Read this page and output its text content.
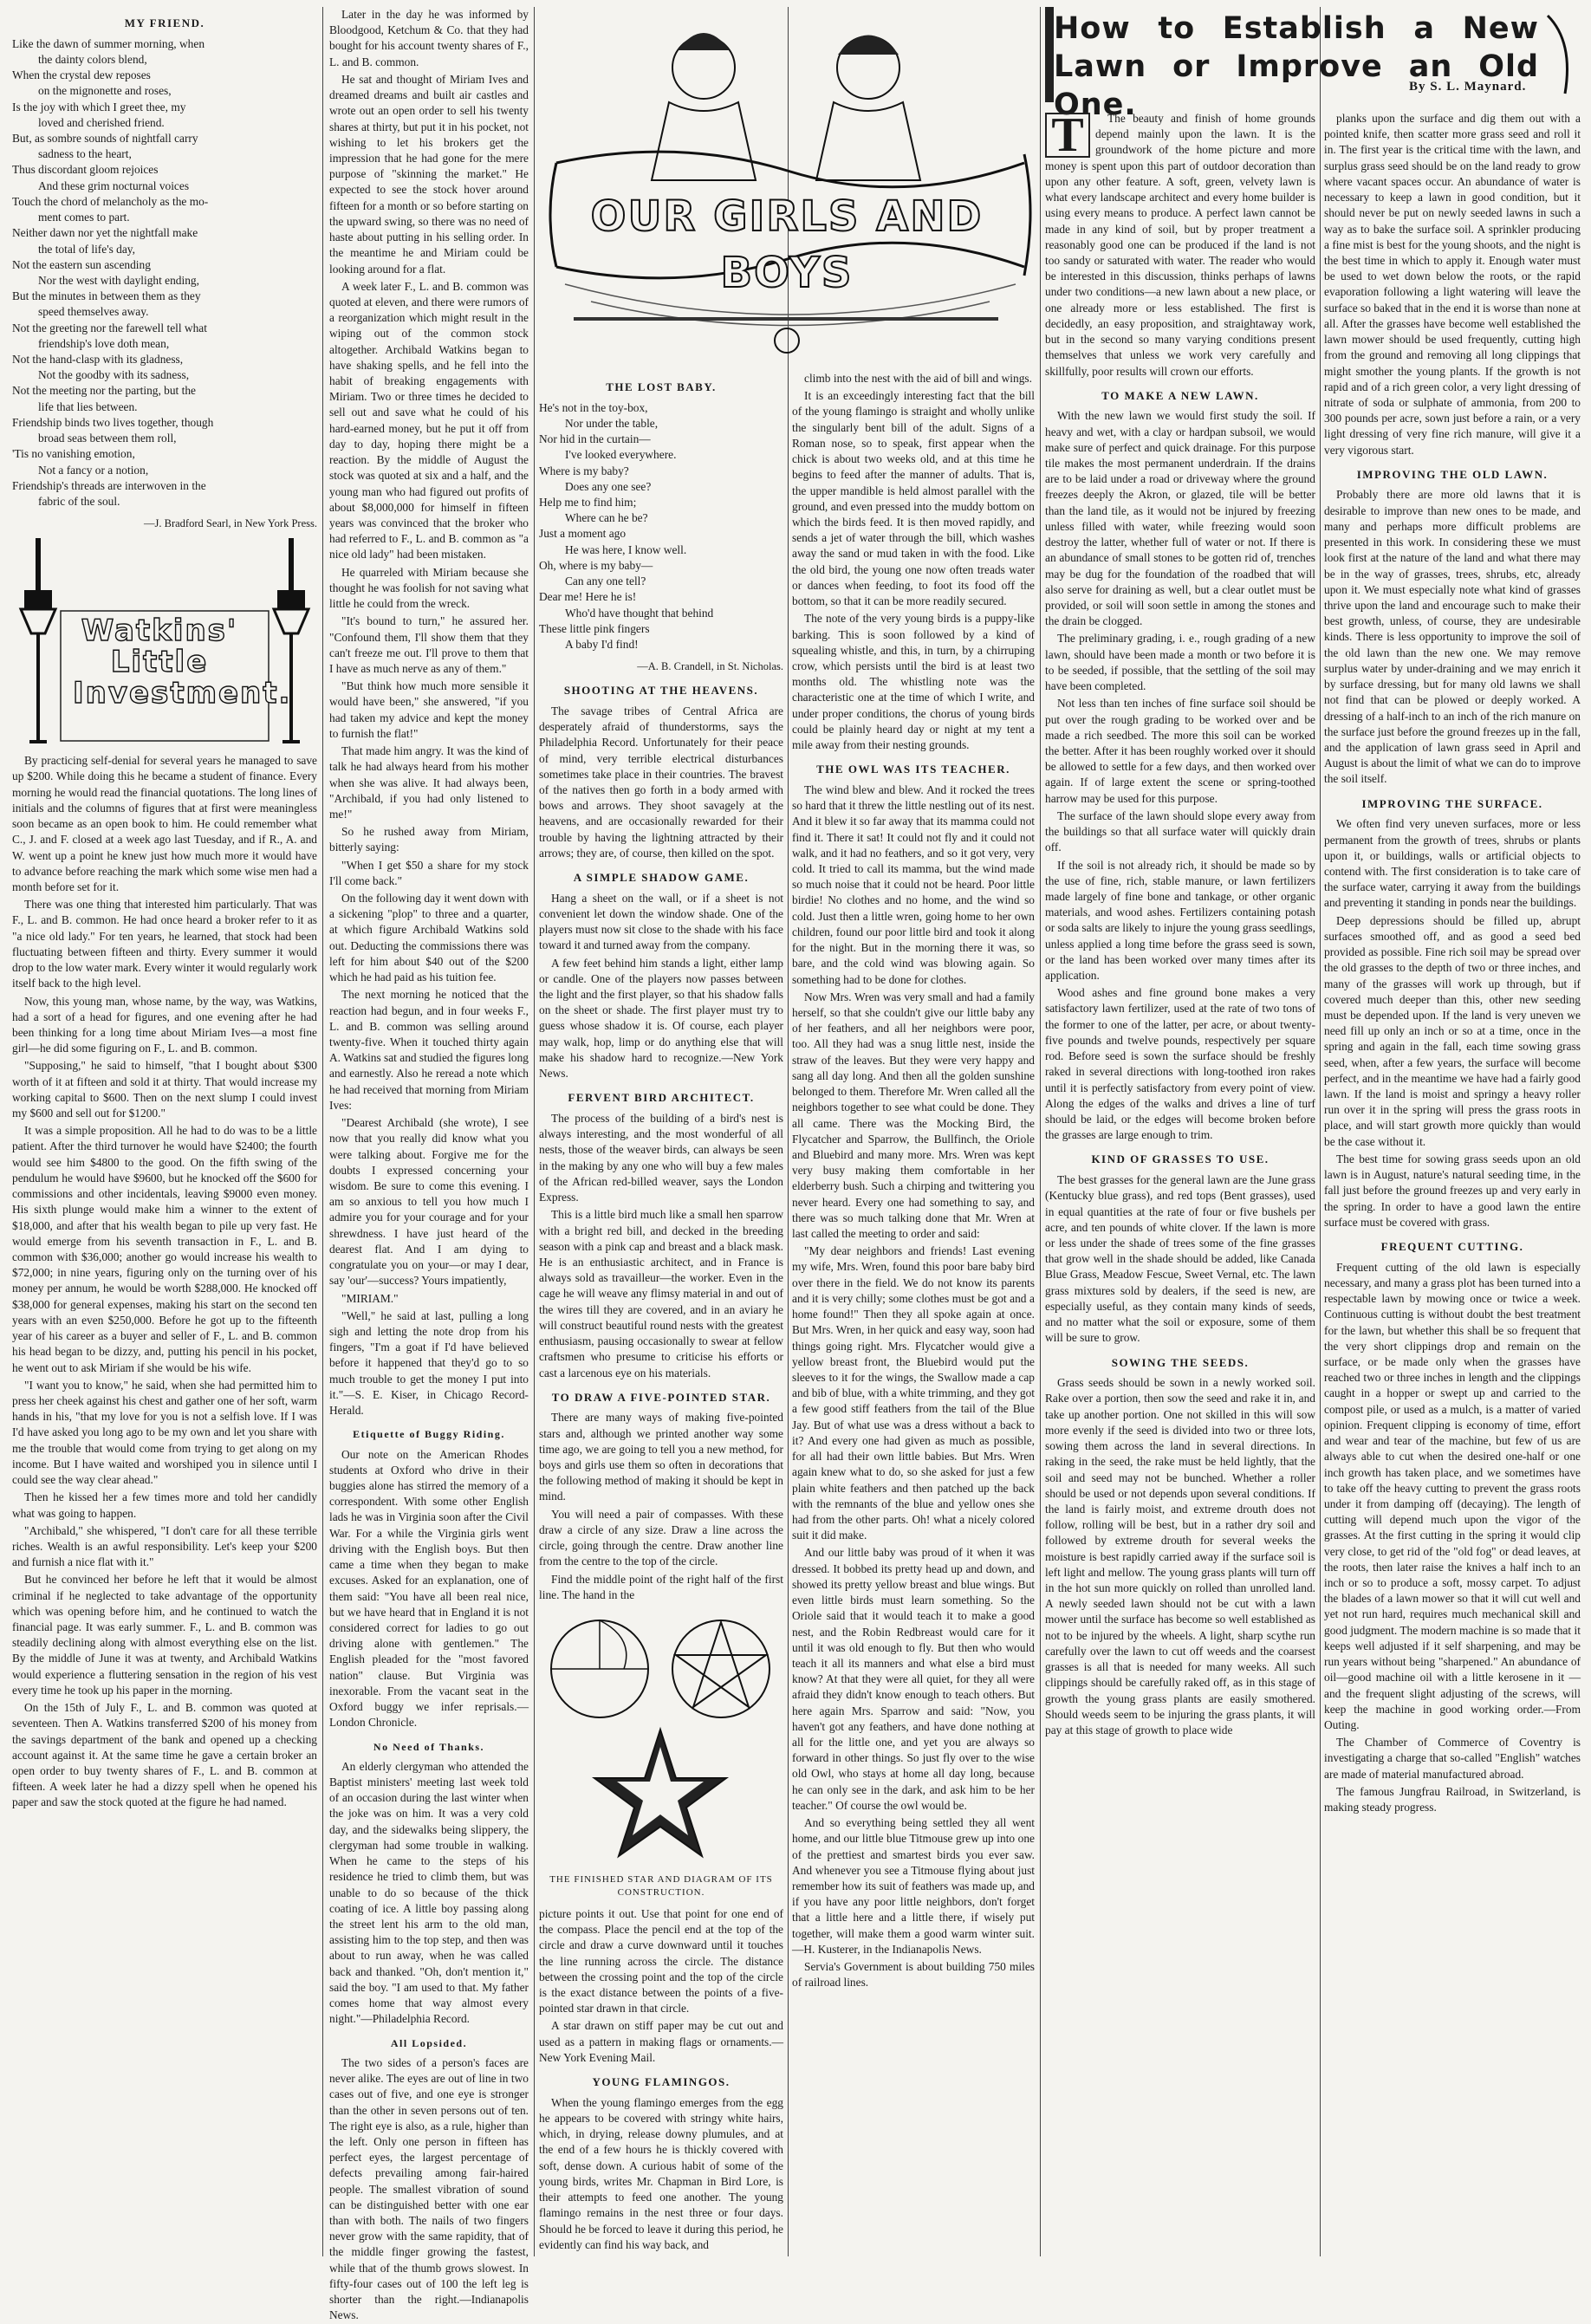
MY FRIEND.
Like the dawn of summer morning, when
the dainty colors blend,
When the crystal dew reposes
on the mignonette and roses,
Is the joy with which I greet thee, my
loved and cherished friend.
But, as sombre sounds of nightfall carry
sadness to the heart,
Thus discordant gloom rejoices
And these grim nocturnal voices
Touch the chord of melancholy as the mo-
ment comes to part.
Neither dawn nor yet the nightfall make
the total of life's day,
Not the eastern sun ascending
Nor the west with daylight ending,
But the minutes in between them as they
speed themselves away.
Not the greeting nor the farewell tell what
friendship's love doth mean,
Not the hand-clasp with its gladness,
Not the goodby with its sadness,
Not the meeting nor the parting, but the
life that lies between.
Friendship binds two lives together, though
broad seas between them roll,
'Tis no vanishing emotion,
Not a fancy or a notion,
Friendship's threads are interwoven in the
fabric of the soul.
—J. Bradford Searl, in New York Press.
Watkins'
Little
Investment.

By practicing self-denial for several years he managed to save up $200. While doing this he became a student of finance. Every morning he would read the financial quotations. The long lines of initials and the columns of figures that at first were meaningless soon became as an open book to him. He could remember what C., J. and F. closed at a week ago last Tuesday, and if R., A. and W. went up a point he knew just how much more it would have to advance before reaching the mark which some wise men had a month before set for it.

There was one thing that interested him particularly. That was F., L. and B. common. He had once heard a broker refer to it as "a nice old lady." For ten years, he learned, that stock had been fluctuating between fifteen and thirty. Every summer it would drop to the low water mark. Every winter it would regularly work itself back to the high level.

Now, this young man, whose name, by the way, was Watkins, had a sort of a head for figures, and one evening after he had been thinking for a long time about Miriam Ives—a most fine girl—he did some figuring on F., L. and B. common.

"Supposing," he said to himself, "that I bought about $300 worth of it at fifteen and sold it at thirty. That would increase my working capital to $600. Then on the next slump I could invest my $600 and sell out for $1200."

It was a simple proposition. All he had to do was to be a little patient. After the third turnover he would have $2400; the fourth would see him $4800 to the good. On the fifth swing of the pendulum he would have $9600, but he knocked off the $600 for commissions and other incidentals, leaving $9000 even money. His sixth plunge would make him a winner to the extent of $18,000, and after that his wealth began to pile up very fast. He would emerge from his seventh transaction in F., L. and B. common with $36,000; another go would increase his wealth to $72,000; in nine years, figuring only on the turning over of his money per annum, he would be worth $288,000. He knocked off $38,000 for general expenses, making his start on the second ten years with an even $250,000. Before he got up to the fifteenth year of his career as a buyer and seller of F., L. and B. common his head began to be dizzy, and, putting his pencil in his pocket, he went out to ask Miriam if she would be his wife.

"I want you to know," he said, when she had permitted him to press her cheek against his chest and gather one of her soft, warm hands in his, "that my love for you is not a selfish love. If I was I'd have asked you long ago to be my own and let you share with me the trouble that would come from trying to get along on my income. But I have waited and worshiped you in silence until I could see the way clear ahead."

Then he kissed her a few times more and told her candidly what was going to happen.

"Archibald," she whispered, "I don't care for all these terrible riches. Wealth is an awful responsibility. Let's keep your $200 and furnish a nice flat with it."

But he convinced her before he left that it would be almost criminal if he neglected to take advantage of the opportunity which was opening before him, and he continued to watch the financial page. It was early summer. F., L. and B. common was steadily declining along with almost everything else on the list. By the middle of June it was at twenty, and Archibald Watkins would experience a fluttering sensation in the region of his vest every time he took up his paper in the morning.

On the 15th of July F., L. and B. common was quoted at seventeen. Then A. Watkins transferred $200 of his money from the savings department of the bank and opened up a checking account against it. At the same time he gave a certain broker an open order to buy twenty shares of F., L. and B. common at fifteen. A week later he had a dizzy spell when he opened his paper and saw the stock quoted at the figure he had named.

Later in the day he was informed by Bloodgood, Ketchum & Co. that they had bought for his account twenty shares of F., L. and B. common.

He sat and thought of Miriam Ives and dreamed dreams and built air castles and wrote out an open order to sell his twenty shares at thirty, but put it in his pocket, not wishing to let his brokers get the impression that he had gone for the mere purpose of "skinning the market." He expected to see the stock hover around fifteen for a month or so before starting on the upward swing, so there was no need of haste about putting in his selling order. In the meantime he and Miriam could be looking around for a flat.

A week later F., L. and B. common was quoted at eleven, and there were rumors of a reorganization which might result in the wiping out of the common stock altogether. Archibald Watkins began to have shaking spells, and he fell into the habit of breaking engagements with Miriam. Two or three times he decided to sell out and save what he could of his hard-earned money, but he put it off from day to day, hoping there might be a reaction. By the middle of August the stock was quoted at six and a half, and the young man who had figured out profits of about $8,000,000 for himself in fifteen years was convinced that the broker who had referred to F., L. and B. common as "a nice old lady" had been mistaken.

He quarreled with Miriam because she thought he was foolish for not saving what little he could from the wreck.

"It's bound to turn," he assured her. "Confound them, I'll show them that they can't freeze me out. I'll prove to them that I have as much nerve as any of them."

"But think how much more sensible it would have been," she answered, "if you had taken my advice and kept the money to furnish the flat!"

That made him angry. It was the kind of talk he had always heard from his mother when she was alive. It had always been, "Archibald, if you had only listened to me!"

So he rushed away from Miriam, bitterly saying:

"When I get $50 a share for my stock I'll come back."

On the following day it went down with a sickening "plop" to three and a quarter, at which figure Archibald Watkins sold out. Deducting the commissions there was left for him about $40 out of the $200 which he had paid as his tuition fee.

The next morning he noticed that the reaction had begun, and in four weeks F., L. and B. common was selling around twenty-five. When it touched thirty again A. Watkins sat and studied the figures long and earnestly. Also he reread a note which he had received that morning from Miriam Ives:

"Dearest Archibald (she wrote), I see now that you really did know what you were talking about. Forgive me for the doubts I expressed concerning your wisdom. Be sure to come this evening. I am so anxious to tell you how much I admire you for your courage and for your shrewdness. I have just heard of the dearest flat. And I am dying to congratulate you on your—or may I dear, say 'our'—success? Yours impatiently,

"MIRIAM."

"Well," he said at last, pulling a long sigh and letting the note drop from his fingers, "I'm a goat if I'd have believed before it happened that they'd go to so much trouble to get the money I put into it."—S. E. Kiser, in Chicago Record-Herald.

Etiquette of Buggy Riding.

Our note on the American Rhodes students at Oxford who drive in their buggies alone has stirred the memory of a correspondent. With some other English lads he was in Virginia soon after the Civil War. For a while the Virginia girls went driving with the English boys. But then came a time when they began to make excuses. Asked for an explanation, one of them said: "You have all been real nice, but we have heard that in England it is not considered correct for ladies to go out driving alone with gentlemen." The English pleaded for the "most favored nation" clause. But Virginia was inexorable. From the vacant seat in the Oxford buggy we infer reprisals.—London Chronicle.

No Need of Thanks.

An elderly clergyman who attended the Baptist ministers' meeting last week told of an occasion during the last winter when the joke was on him. It was a very cold day, and the sidewalks being slippery, the clergyman had some trouble in walking. When he came to the steps of his residence he tried to climb them, but was unable to do so because of the thick coating of ice. A little boy passing along the street lent his arm to the old man, assisting him to the top step, and then was about to run away, when he was called back and thanked. "Oh, don't mention it," said the boy. "I am used to that. My father comes home that way almost every night."—Philadelphia Record.

All Lopsided.

The two sides of a person's faces are never alike. The eyes are out of line in two cases out of five, and one eye is stronger than the other in seven persons out of ten. The right eye is also, as a rule, higher than the left. Only one person in fifteen has perfect eyes, the largest percentage of defects prevailing among fair-haired people. The smallest vibration of sound can be distinguished better with one ear than with both. The nails of two fingers never grow with the same rapidity, that of the middle finger growing the fastest, while that of the thumb grows slowest. In fifty-four cases out of 100 the left leg is shorter than the right.—Indianapolis News.

OUR GIRLS AND BOYS
THE LOST BABY.
He's not in the toy-box,
Nor under the table,
Nor hid in the curtain—
I've looked everywhere.
Where is my baby?
Does any one see?
Help me to find him;
Where can he be?
Just a moment ago
He was here, I know well.
Oh, where is my baby—
Can any one tell?
Dear me! Here he is!
Who'd have thought that behind
These little pink fingers
A baby I'd find!
—A. B. Crandell, in St. Nicholas.
SHOOTING AT THE HEAVENS.

The savage tribes of Central Africa are desperately afraid of thunderstorms, says the Philadelphia Record. Unfortunately for their peace of mind, very terrible electrical disturbances sometimes take place in their countries. The bravest of the natives then go forth in a body armed with bows and arrows. They shoot savagely at the heavens, and are occasionally rewarded for their trouble by having the lightning attracted by their arrows; they are, of course, then killed on the spot.

A SIMPLE SHADOW GAME.

Hang a sheet on the wall, or if a sheet is not convenient let down the window shade. One of the players must now sit close to the shade with his face toward it and turned away from the company.

A few feet behind him stands a light, either lamp or candle. One of the players now passes between the light and the first player, so that his shadow falls on the sheet or shade. The first player must try to guess whose shadow it is. Of course, each player may walk, hop, limp or do anything else that will make his shadow hard to recognize.—New York News.

FERVENT BIRD ARCHITECT.

The process of the building of a bird's nest is always interesting, and the most wonderful of all nests, those of the weaver birds, can always be seen in the making by any one who will buy a few males of the African red-billed weaver, says the London Express.

This is a little bird much like a small hen sparrow with a bright red bill, and decked in the breeding season with a pink cap and breast and a black mask. He is an enthusiastic architect, and in France is always sold as travailleur—the worker. Even in the cage he will weave any flimsy material in and out of the wires till they are covered, and in an aviary he will construct beautiful round nests with the greatest enthusiasm, pausing occasionally to swear at fellow craftsmen who presume to criticise his efforts or cast a larcenous eye on his materials.

TO DRAW A FIVE-POINTED STAR.

There are many ways of making five-pointed stars and, although we printed another way some time ago, we are going to tell you a new method, for boys and girls use them so often in decorations that the following method of making it should be kept in mind.

You will need a pair of compasses. With these draw a circle of any size. Draw a line across the circle, going through the centre. Draw another line from the centre to the top of the circle.

Find the middle point of the right half of the first line. The hand in the

THE FINISHED STAR AND DIAGRAM OF ITS CONSTRUCTION.

picture points it out. Use that point for one end of the compass. Place the pencil end at the top of the circle and draw a curve downward until it touches the line running across the circle. The distance between the crossing point and the top of the circle is the exact distance between the points of a five-pointed star drawn in that circle.

A star drawn on stiff paper may be cut out and used as a pattern in making flags or ornaments.—New York Evening Mail.

YOUNG FLAMINGOS.

When the young flamingo emerges from the egg he appears to be covered with stringy white hairs, which, in drying, release downy plumules, and at the end of a few hours he is thickly covered with soft, dense down. A curious habit of some of the young birds, writes Mr. Chapman in Bird Lore, is their attempts to feed one another. The young flamingo remains in the nest three or four days. Should he be forced to leave it during this period, he evidently can find his way back, and

climb into the nest with the aid of bill and wings.

It is an exceedingly interesting fact that the bill of the young flamingo is straight and wholly unlike the singularly bent bill of the adult. Signs of a Roman nose, so to speak, first appear when the chick is about two weeks old, and at this time he begins to feed after the manner of adults. That is, the upper mandible is held almost parallel with the ground, and even pressed into the muddy bottom on which the birds feed. It is then moved rapidly, and sends a jet of water through the bill, which washes away the sand or mud taken in with the food. Like the old bird, the young one now often treads water or dances when feeding, to foot its food off the bottom, so that it can be more readily secured.

The note of the very young birds is a puppy-like barking. This is soon followed by a kind of squealing whistle, and this, in turn, by a chirruping crow, which persists until the bird is at least two months old. The whistling note was the characteristic one at the time of which I write, and under proper conditions, the chorus of young birds could be plainly heard day or night at my tent a mile away from their nesting grounds.

THE OWL WAS ITS TEACHER.

The wind blew and blew. And it rocked the trees so hard that it threw the little nestling out of its nest. And it blew it so far away that its mamma could not find it. There it sat! It could not fly and it could not walk, and it had no feathers, and so it got very, very cold. It tried to call its mamma, but the wind made so much noise that it could not be heard. Poor little birdie! No clothes and no home, and the wind so cold. Just then a little wren, going home to her own children, found our poor little bird and took it along for the night. But in the morning there it was, so bare, and the cold wind was blowing again. So something had to be done for clothes.

Now Mrs. Wren was very small and had a family herself, so that she couldn't give our little baby any of her feathers, and all her neighbors were poor, too. All they had was a snug little nest, inside the straw of the leaves. But they were very happy and sang all day long. And then all the golden sunshine belonged to them. Therefore Mr. Wren called all the neighbors together to see what could be done. They all came. There was the Mocking Bird, the Flycatcher and Sparrow, the Bullfinch, the Oriole and Bluebird and many more. Mrs. Wren was kept very busy making them comfortable in her elderberry bush. Such a chirping and twittering you never heard. Every one had something to say, and there was so much talking done that Mr. Wren at last called the meeting to order and said:

"My dear neighbors and friends! Last evening my wife, Mrs. Wren, found this poor bare baby bird over there in the field. We do not know its parents and it is very chilly; some clothes must be got and a home found!" Then they all spoke again at once. But Mrs. Wren, in her quick and easy way, soon had things going right. Mrs. Flycatcher would give a yellow breast front, the Bluebird would put the sleeves to it for the wings, the Swallow made a cap and bib of blue, with a white trimming, and they got a few good stiff feathers from the tail of the Blue Jay. But of what use was a dress without a back to it? And every one had given as much as possible, for all had their own little babies. But Mrs. Wren again knew what to do, so she asked for just a few plain white feathers and then patched up the back with the remnants of the blue and yellow ones she had from the other parts. Oh! what a nicely colored suit it did make.

And our little baby was proud of it when it was dressed. It bobbed its pretty head up and down, and showed its pretty yellow breast and blue wings. But even little birds must learn something. So the Oriole said that it would teach it to make a good nest, and the Robin Redbreast would care for it until it was old enough to fly. But then who would teach it all its manners and what else a bird must know? At that they were all quiet, for they all were afraid they didn't know enough to teach others. But here again Mrs. Sparrow and said: "Now, you haven't got any feathers, and have done nothing at all for the little one, and yet you are always so forward in other things. So just fly over to the wise old Owl, who stays at home all day long, because he can only see in the dark, and ask him to be her teacher." Of course the owl would be.

And so everything being settled they all went home, and our little blue Titmouse grew up into one of the prettiest and smartest birds you ever saw. And whenever you see a Titmouse flying about just remember how its suit of feathers was made up, and if you have any poor little neighbors, don't forget that a little here and a little there, if wisely put together, will make them a good warm winter suit.—H. Kusterer, in the Indianapolis News.

Servia's Government is about building 750 miles of railroad lines.

How to Establish a New Lawn or Improve an Old One.
By S. L. Maynard.
T	The beauty and finish of home grounds depend mainly upon the lawn. It is the groundwork of the home picture and more money is spent upon this part of outdoor decoration than upon any other feature. A soft, green, velvety lawn is what every landscape architect and every home builder is using every means to produce. A perfect lawn cannot be made in any kind of soil, but by proper treatment a reasonably good one can be produced if the land is not too sandy or saturated with water. The reader who would be interested in this discussion, thinks perhaps of lawns under two conditions—a new lawn about a new place, or one already more or less established. The first is decidedly, an easy proposition, and straightaway work, but in the second so many varying conditions present themselves that unless we work very carefully and skillfully, poor results will crown our efforts.

TO MAKE A NEW LAWN.

With the new lawn we would first study the soil. If heavy and wet, with a clay or hardpan subsoil, we would make sure of perfect and quick drainage. For this purpose tile makes the most permanent underdrain. If the drains are to be laid under a road or driveway where the ground freezes deeply the Akron, or glazed, tile will be better than the land tile, as it would not be injured by freezing unless filled with water, while freezing would soon destroy the latter, whether full of water or not. If there is an abundance of small stones to be gotten rid of, trenches may be dug for the foundation of the roadbed that will also serve for draining as well, but a clear outlet must be provided, or soil will soon settle in among the stones and the drain be clogged.

The preliminary grading, i. e., rough grading of a new lawn, should have been made a month or two before it is to be seeded, if possible, that the settling of the soil may have been completed.

Not less than ten inches of fine surface soil should be put over the rough grading to be worked over and be made a rich seedbed. The more this soil can be worked the better. After it has been roughly worked over it should be allowed to settle for a few days, and then worked over again. If of large extent the scene or spring-toothed harrow may be used for this purpose.

The surface of the lawn should slope every away from the buildings so that all surface water will quickly drain off.

If the soil is not already rich, it should be made so by the use of fine, rich, stable manure, or lawn fertilizers made largely of fine bone and tankage, or other organic materials, and wood ashes. Fertilizers containing potash or soda salts are likely to injure the young grass seedlings, unless applied a long time before the grass seed is sown, or the land has been worked over many times after its application.

Wood ashes and fine ground bone makes a very satisfactory lawn fertilizer, used at the rate of two tons of the former to one of the latter, per acre, or about twenty-five pounds and twelve pounds, respectively per square rod. Before seed is sown the surface should be freshly raked in several directions with long-toothed iron rakes until it is perfectly satisfactory from every point of view. Along the edges of the walks and drives a line of turf should be laid, or the edges will become broken before the grasses are large enough to trim.

KIND OF GRASSES TO USE.

The best grasses for the general lawn are the June grass (Kentucky blue grass), and red tops (Bent grasses), used in equal quantities at the rate of four or five bushels per acre, and ten pounds of white clover. If the lawn is more or less under the shade of trees some of the fine grasses that grow well in the shade should be added, like Canada Blue Grass, Meadow Fescue, Sweet Vernal, etc. The lawn grass mixtures sold by dealers, if the seed is new, are especially useful, as they contain many kinds of seeds, and no matter what the soil or exposure, some of them will be sure to grow.

SOWING THE SEEDS.

Grass seeds should be sown in a newly worked soil. Rake over a portion, then sow the seed and rake it in, and take up another portion. One not skilled in this will sow more evenly if the seed is divided into two or three lots, sowing them across the land in several directions. In raking in the seed, the rake must be held lightly, that the soil and seed may not be bunched. Whether a roller should be used or not depends upon several conditions. If the land is fairly moist, and extreme drouth does not follow, rolling will be best, but in a rather dry soil and followed by extreme drouth for several weeks the moisture is best rapidly carried away if the surface soil is left light and mellow. The young grass plants will turn off in the hot sun more quickly on rolled than unrolled land. A newly seeded lawn should not be cut with a lawn mower until the surface has become so well established as not to be injured by the wheels. A light, sharp scythe run carefully over the lawn to cut off weeds and the coarsest grasses is all that is needed for many weeks. All such clippings should be carefully raked off, as in this stage of growth the young grass plants are easily smothered. Should weeds seem to be injuring the grass plants, it will pay at this stage of growth to place wide

planks upon the surface and dig them out with a pointed knife, then scatter more grass seed and roll it in. The first year is the critical time with the lawn, and surplus grass seed should be on the land ready to grow where vacant spaces occur. An abundance of water is necessary to keep a lawn in good condition, but it should never be put on newly seeded lawns in such a way as to bake the surface soil. A sprinkler producing a fine mist is best for the young shoots, and the night is the best time in which to apply it. Enough water must be used to wet down below the roots, or the rapid evaporation following a light watering will leave the surface so baked that in the end it is worse than none at all. After the grasses have become well established the lawn mower should be used frequently, cutting high from the ground and removing all long clippings that might smother the young plants. If the growth is not rapid and of a rich green color, a very light dressing of nitrate of soda or sulphate of ammonia, from 200 to 300 pounds per acre, sown just before a rain, or a very light dressing of very fine rich manure, will give it a very vigorous start.

IMPROVING THE OLD LAWN.

Probably there are more old lawns that it is desirable to improve than new ones to be made, and many and perhaps more difficult problems are presented in this work. In considering these we must look first at the nature of the land and what there may be in the way of grasses, trees, shrubs, etc, already upon it. We must especially note what kind of grasses thrive upon the land and encourage such to make their best growth, unless, of course, they are undesirable kinds. There is less opportunity to improve the soil of the old lawn than the new one. We may remove surplus water by under-draining and we may enrich it by surface dressing, but for many old lawns we shall not find that can be plowed or deeply worked. A dressing of a half-inch to an inch of the rich manure on the surface just before the ground freezes up in the fall, and the application of lawn grass seed in April and August is about the limit of what we can do to improve the soil itself.

IMPROVING THE SURFACE.

We often find very uneven surfaces, more or less permanent from the growth of trees, shrubs or plants upon it, or buildings, walls or artificial objects to contend with. The first consideration is to take care of the surface water, carrying it away from the buildings and preventing it standing in ponds near the buildings.

Deep depressions should be filled up, abrupt surfaces smoothed off, and as good a seed bed provided as possible. Fine rich soil may be spread over the old grasses to the depth of two or three inches, and many of the grasses will work up through, but if covered much deeper than this, other new seeding must be depended upon. If the land is very uneven we need fill up only an inch or so at a time, once in the spring and again in the fall, each time sowing grass seed, when, after a few years, the surface will become perfect, and in the meantime we have had a fairly good lawn. If the land is moist and springy a heavy roller run over it in the spring will press the grass roots in place, and will start growth more quickly than would be the case without it.

The best time for sowing grass seeds upon an old lawn is in August, nature's natural seeding time, in the fall just before the ground freezes up and very early in the spring. In order to have a good lawn the entire surface must be covered with grass.

FREQUENT CUTTING.

Frequent cutting of the old lawn is especially necessary, and many a grass plot has been turned into a respectable lawn by mowing once or twice a week. Continuous cutting is without doubt the best treatment for the lawn, but whether this shall be so frequent that the very short clippings drop and remain on the surface, or be made only when the grasses have reached two or three inches in length and the clippings caught in a hopper or swept up and carried to the compost pile, or used as a mulch, is a matter of varied opinion. Frequent clipping is economy of time, effort and wear and tear of the machine, but few of us are always able to cut when the desired one-half or one inch growth has taken place, and we sometimes have to take off the heavy cutting to prevent the grass roots under it from damping off (decaying). The length of cutting will depend much upon the vigor of the grasses. At the first cutting in the spring it would clip very close, to get rid of the "old fog" or dead leaves, at the roots, then later raise the knives a half inch to an inch or so to produce a soft, mossy carpet. To adjust the blades of a lawn mower so that it will cut well and yet not run hard, requires much mechanical skill and good judgment. The modern machine is so made that it keeps well adjusted if it self sharpening, and may be run years without being "sharpened." An abundance of oil—good machine oil with a little kerosene in it —and the frequent slight adjusting of the screws, will keep the machine in good working order.—From Outing.

The Chamber of Commerce of Coventry is investigating a charge that so-called "English" watches are made of material manufactured abroad.

The famous Jungfrau Railroad, in Switzerland, is making steady progress.
